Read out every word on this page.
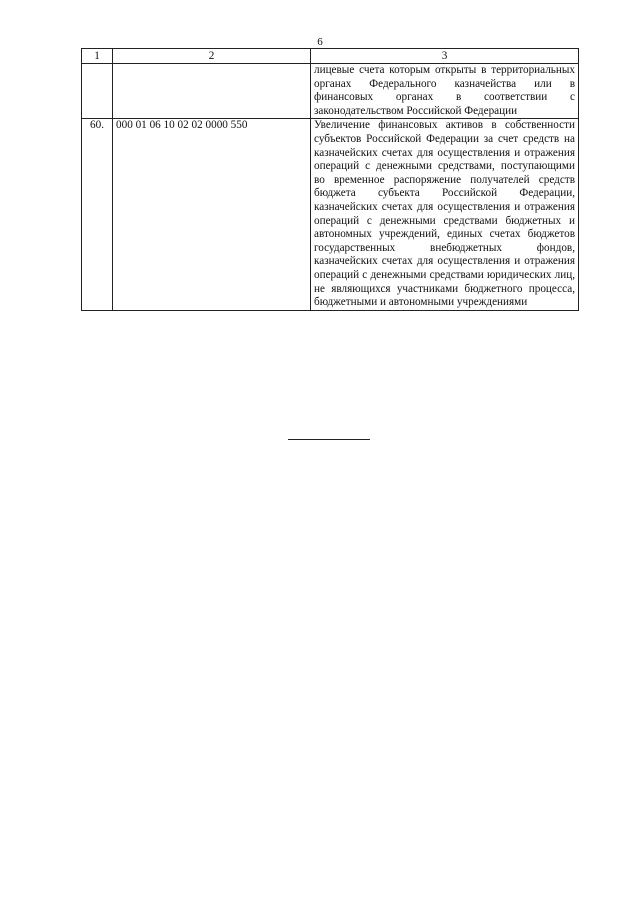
6
1	2	3
		лицевые счета которым открыты в территориальных органах Федерального казначейства или в финансовых органах в соответствии с законодательством Российской Федерации
60.	000 01 06 10 02 02 0000 550	Увеличение финансовых активов в собственности субъектов Российской Федерации за счет средств на казначейских счетах для осуществления и отражения операций с денежными средствами, поступающими во временное распоряжение получателей средств бюджета субъекта Российской Федерации, казначейских счетах для осуществления и отражения операций с денежными средствами бюджетных и автономных учреждений, единых счетах бюджетов государственных внебюджетных фондов, казначейских счетах для осуществления и отражения операций с денежными средствами юридических лиц, не являющихся участниками бюджетного процесса, бюджетными и автономными учреждениями
